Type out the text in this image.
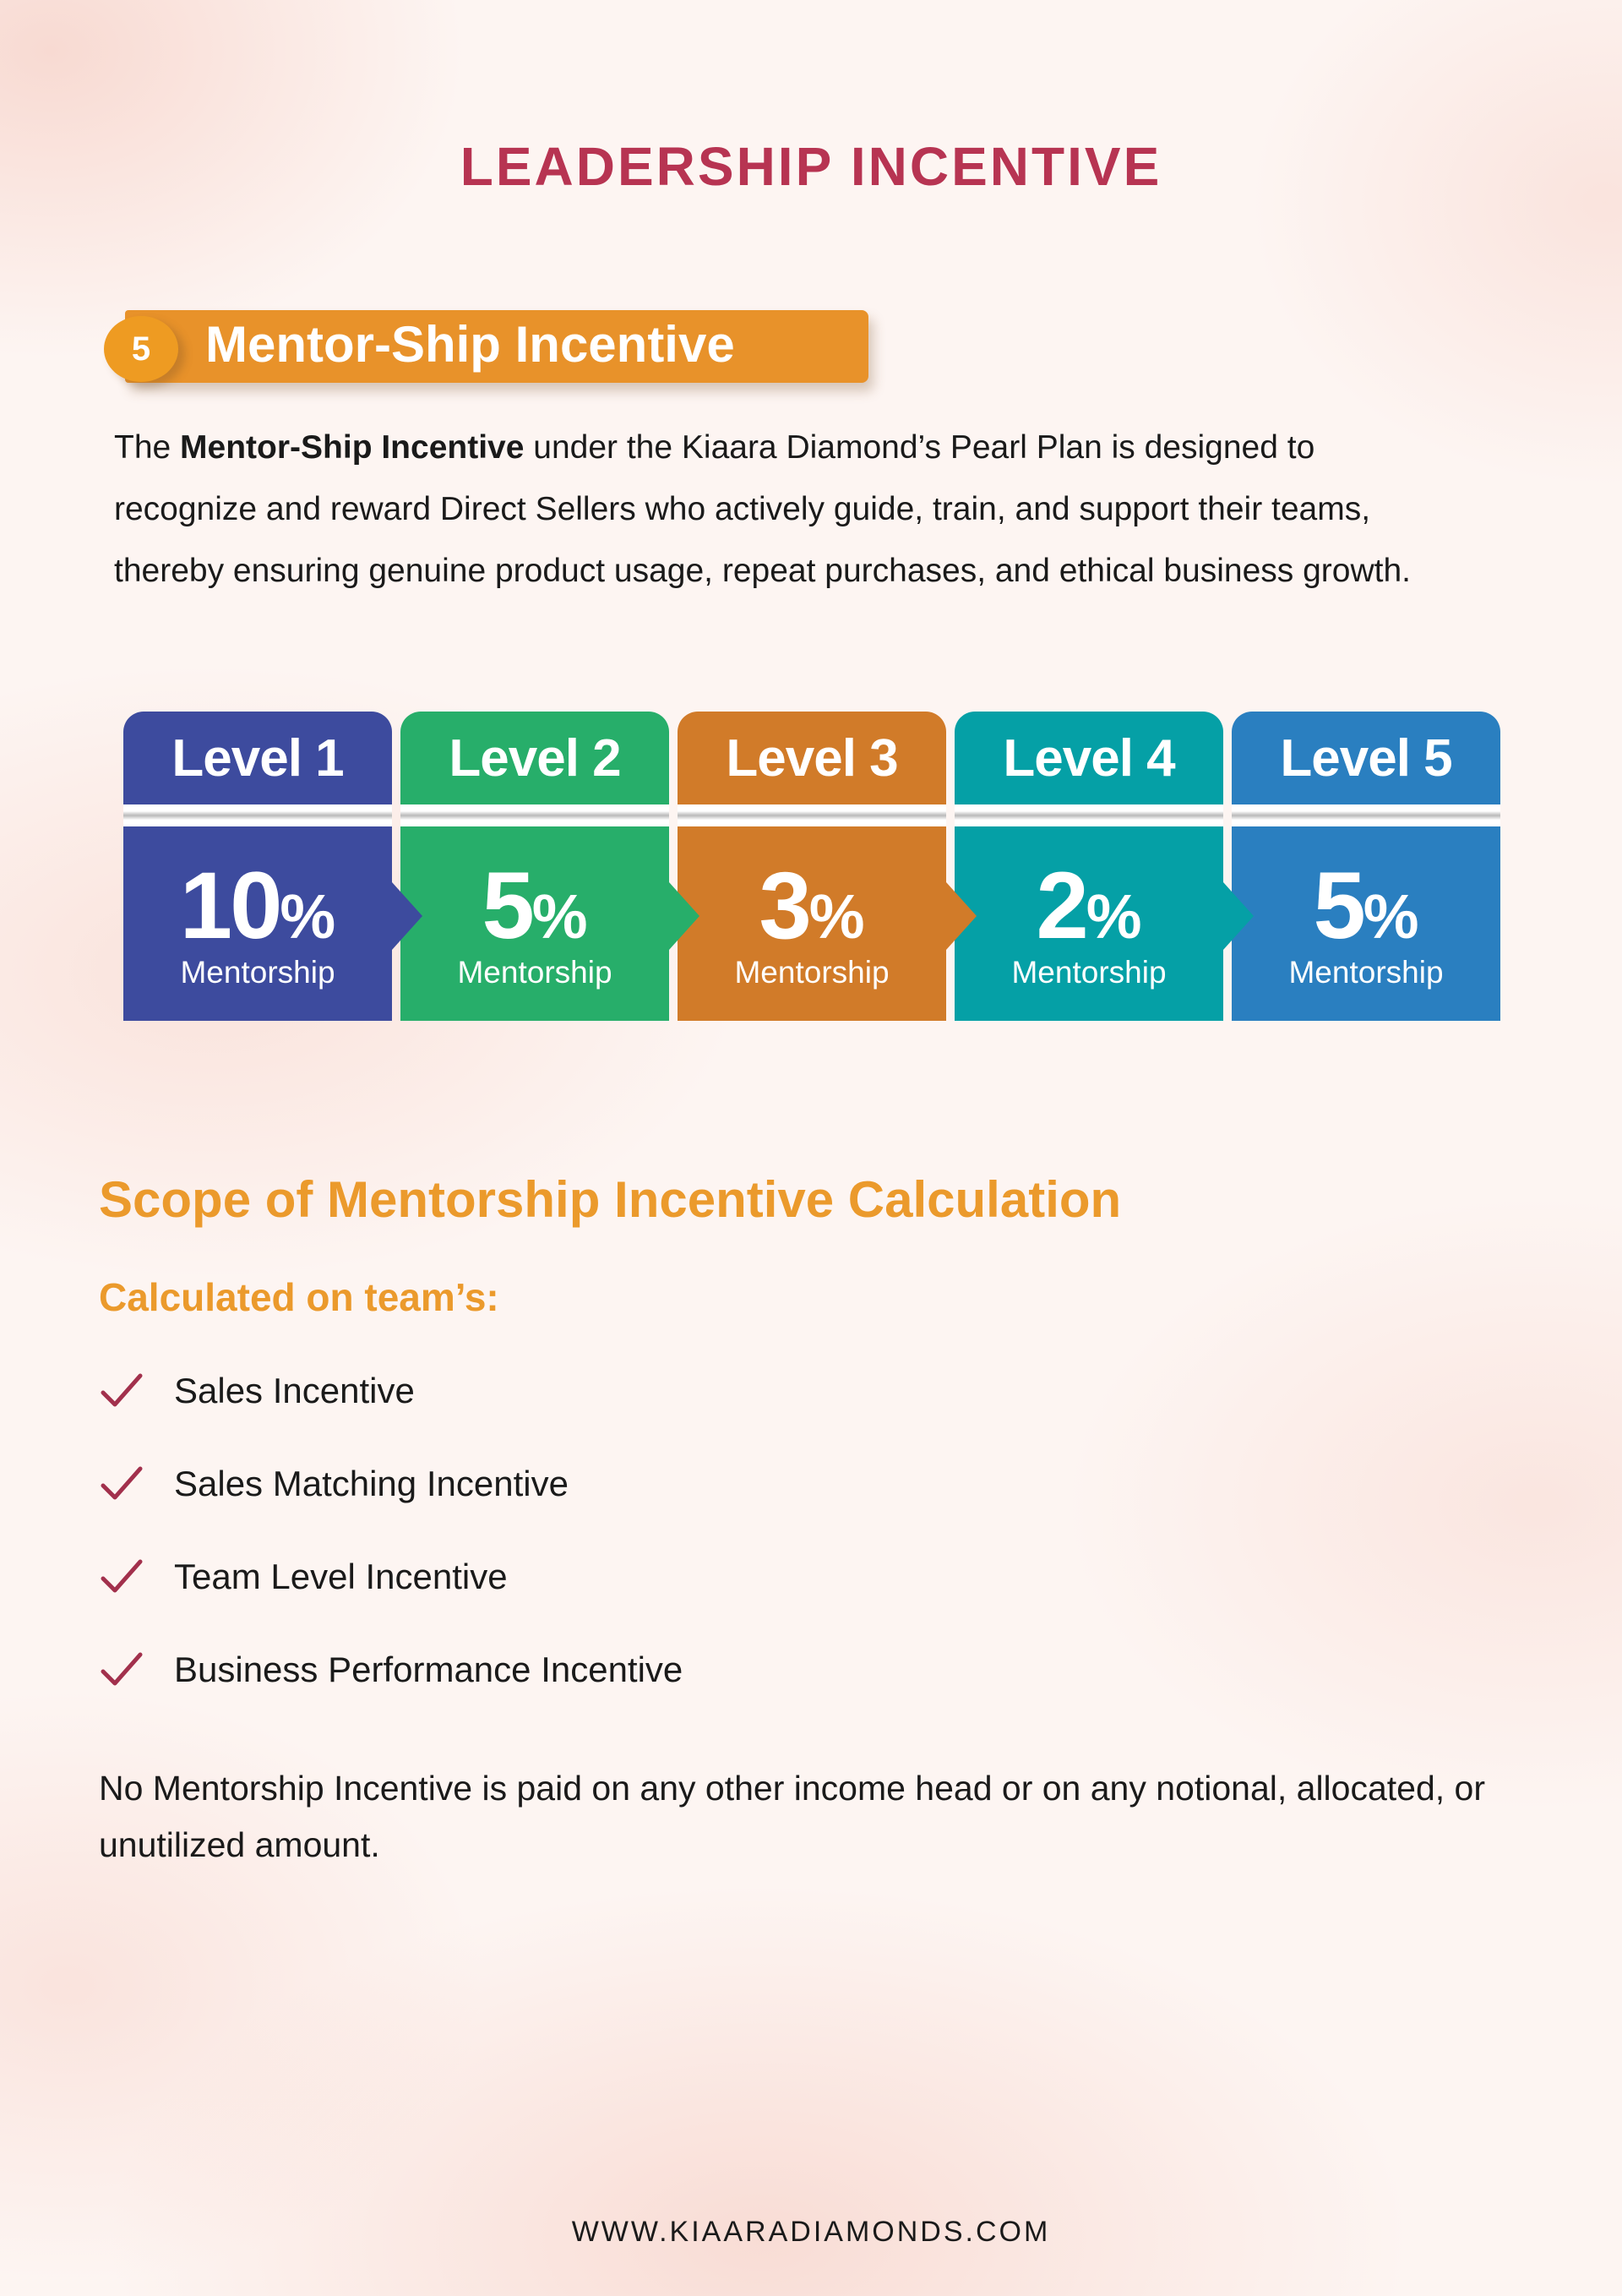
LEADERSHIP INCENTIVE
5	Mentor-Ship Incentive
The Mentor-Ship Incentive under the Kiaara Diamond’s Pearl Plan is designed to recognize and reward Direct Sellers who actively guide, train, and support their teams, thereby ensuring genuine product usage, repeat purchases, and ethical business growth.
Level 1
10%
Mentorship
Level 2
5%
Mentorship
Level 3
3%
Mentorship
Level 4
2%
Mentorship
Level 5
5%
Mentorship
Scope of Mentorship Incentive Calculation
Calculated on team’s:
Sales Incentive
Sales Matching Incentive
Team Level Incentive
Business Performance Incentive
No Mentorship Incentive is paid on any other income head or on any notional, allocated, or unutilized amount.
WWW.KIAARADIAMONDS.COM
